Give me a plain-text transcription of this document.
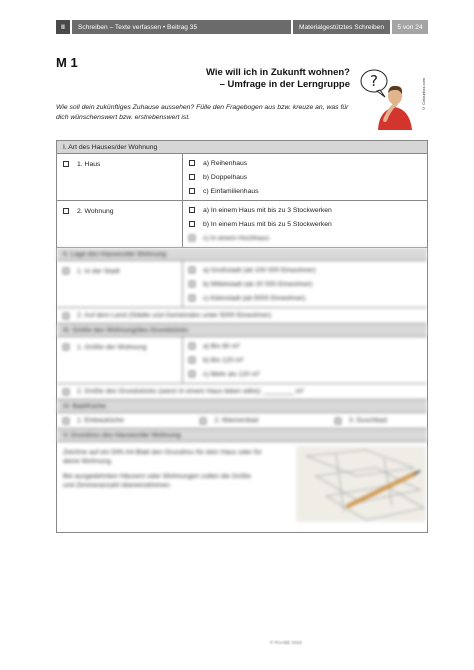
II	Schreiben – Texte verfassen • Beitrag 35	Materialgestütztes Schreiben	5 von 24
M 1
Wie will ich in Zukunft wohnen?
– Umfrage in der Lerngruppe
Wie soll dein zukünftiges Zuhause aussehen? Fülle den Fragebogen aus bzw. kreuze an, was für dich wünschenswert bzw. erstrebenswert ist.
?	© Colourbox.com
I. Art des Hauses/der Wohnung
1. Haus	a) Reihenhaus
b) Doppelhaus
c) Einfamilienhaus
2. Wohnung	a) In einem Haus mit bis zu 3 Stockwerken
b) In einem Haus mit bis zu 5 Stockwerken
c) In einem Hochhaus
II. Lage des Hauses/der Wohnung
1. In der Stadt	a) Großstadt (ab 100 000 Einwohner)
b) Mittelstadt (ab 20 000 Einwohner)
c) Kleinstadt (ab 5000 Einwohner)
2. Auf dem Land (Städte und Gemeinden unter 5000 Einwohner)
III. Größe des Wohnung/des Grundstücks
1. Größe der Wohnung	a) Bis 80 m²
b) Bis 120 m²
c) Mehr als 120 m²
2. Größe des Grundstücks (wenn in einem Haus leben willst): ________ m²
IV. Bad/Küche
1. Einbauküche	2. Wannenbad	3. Duschbad
V. Grundriss des Hauses/der Wohnung
Zeichne auf ein DIN-A4-Blatt den Grundriss für dein Haus oder für deine Wohnung.
Bei ausgedehnten Häusern oder Wohnungen sollen die Größe und Zimmeranzahl übereinstimmen.
© RAABE 2019
